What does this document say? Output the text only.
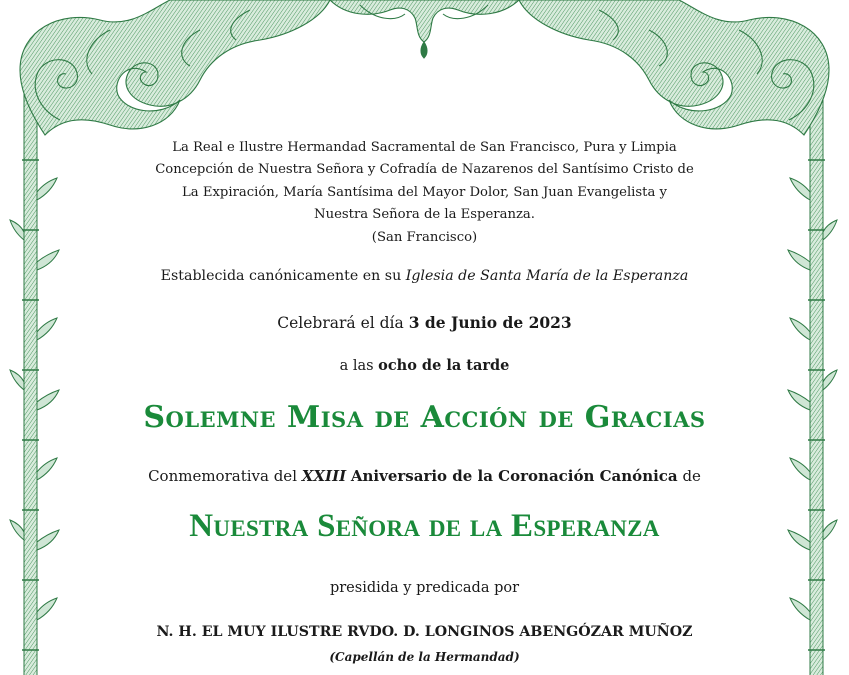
La Real e Ilustre Hermandad Sacramental de San Francisco, Pura y Limpia
Concepción de Nuestra Señora y Cofradía de Nazarenos del Santísimo Cristo de
La Expiración, María Santísima del Mayor Dolor, San Juan Evangelista y
Nuestra Señora de la Esperanza.
(San Francisco)
Establecida canónicamente en su Iglesia de Santa María de la Esperanza
Celebrará el día 3 de Junio de 2023
a las ocho de la tarde
Solemne Misa de Acción de Gracias
Conmemorativa del XXIII Aniversario de la Coronación Canónica de
Nuestra Señora de la Esperanza
presidida y predicada por
N. H. EL MUY ILUSTRE RVDO. D. LONGINOS ABENGÓZAR MUÑOZ
(Capellán de la Hermandad)
